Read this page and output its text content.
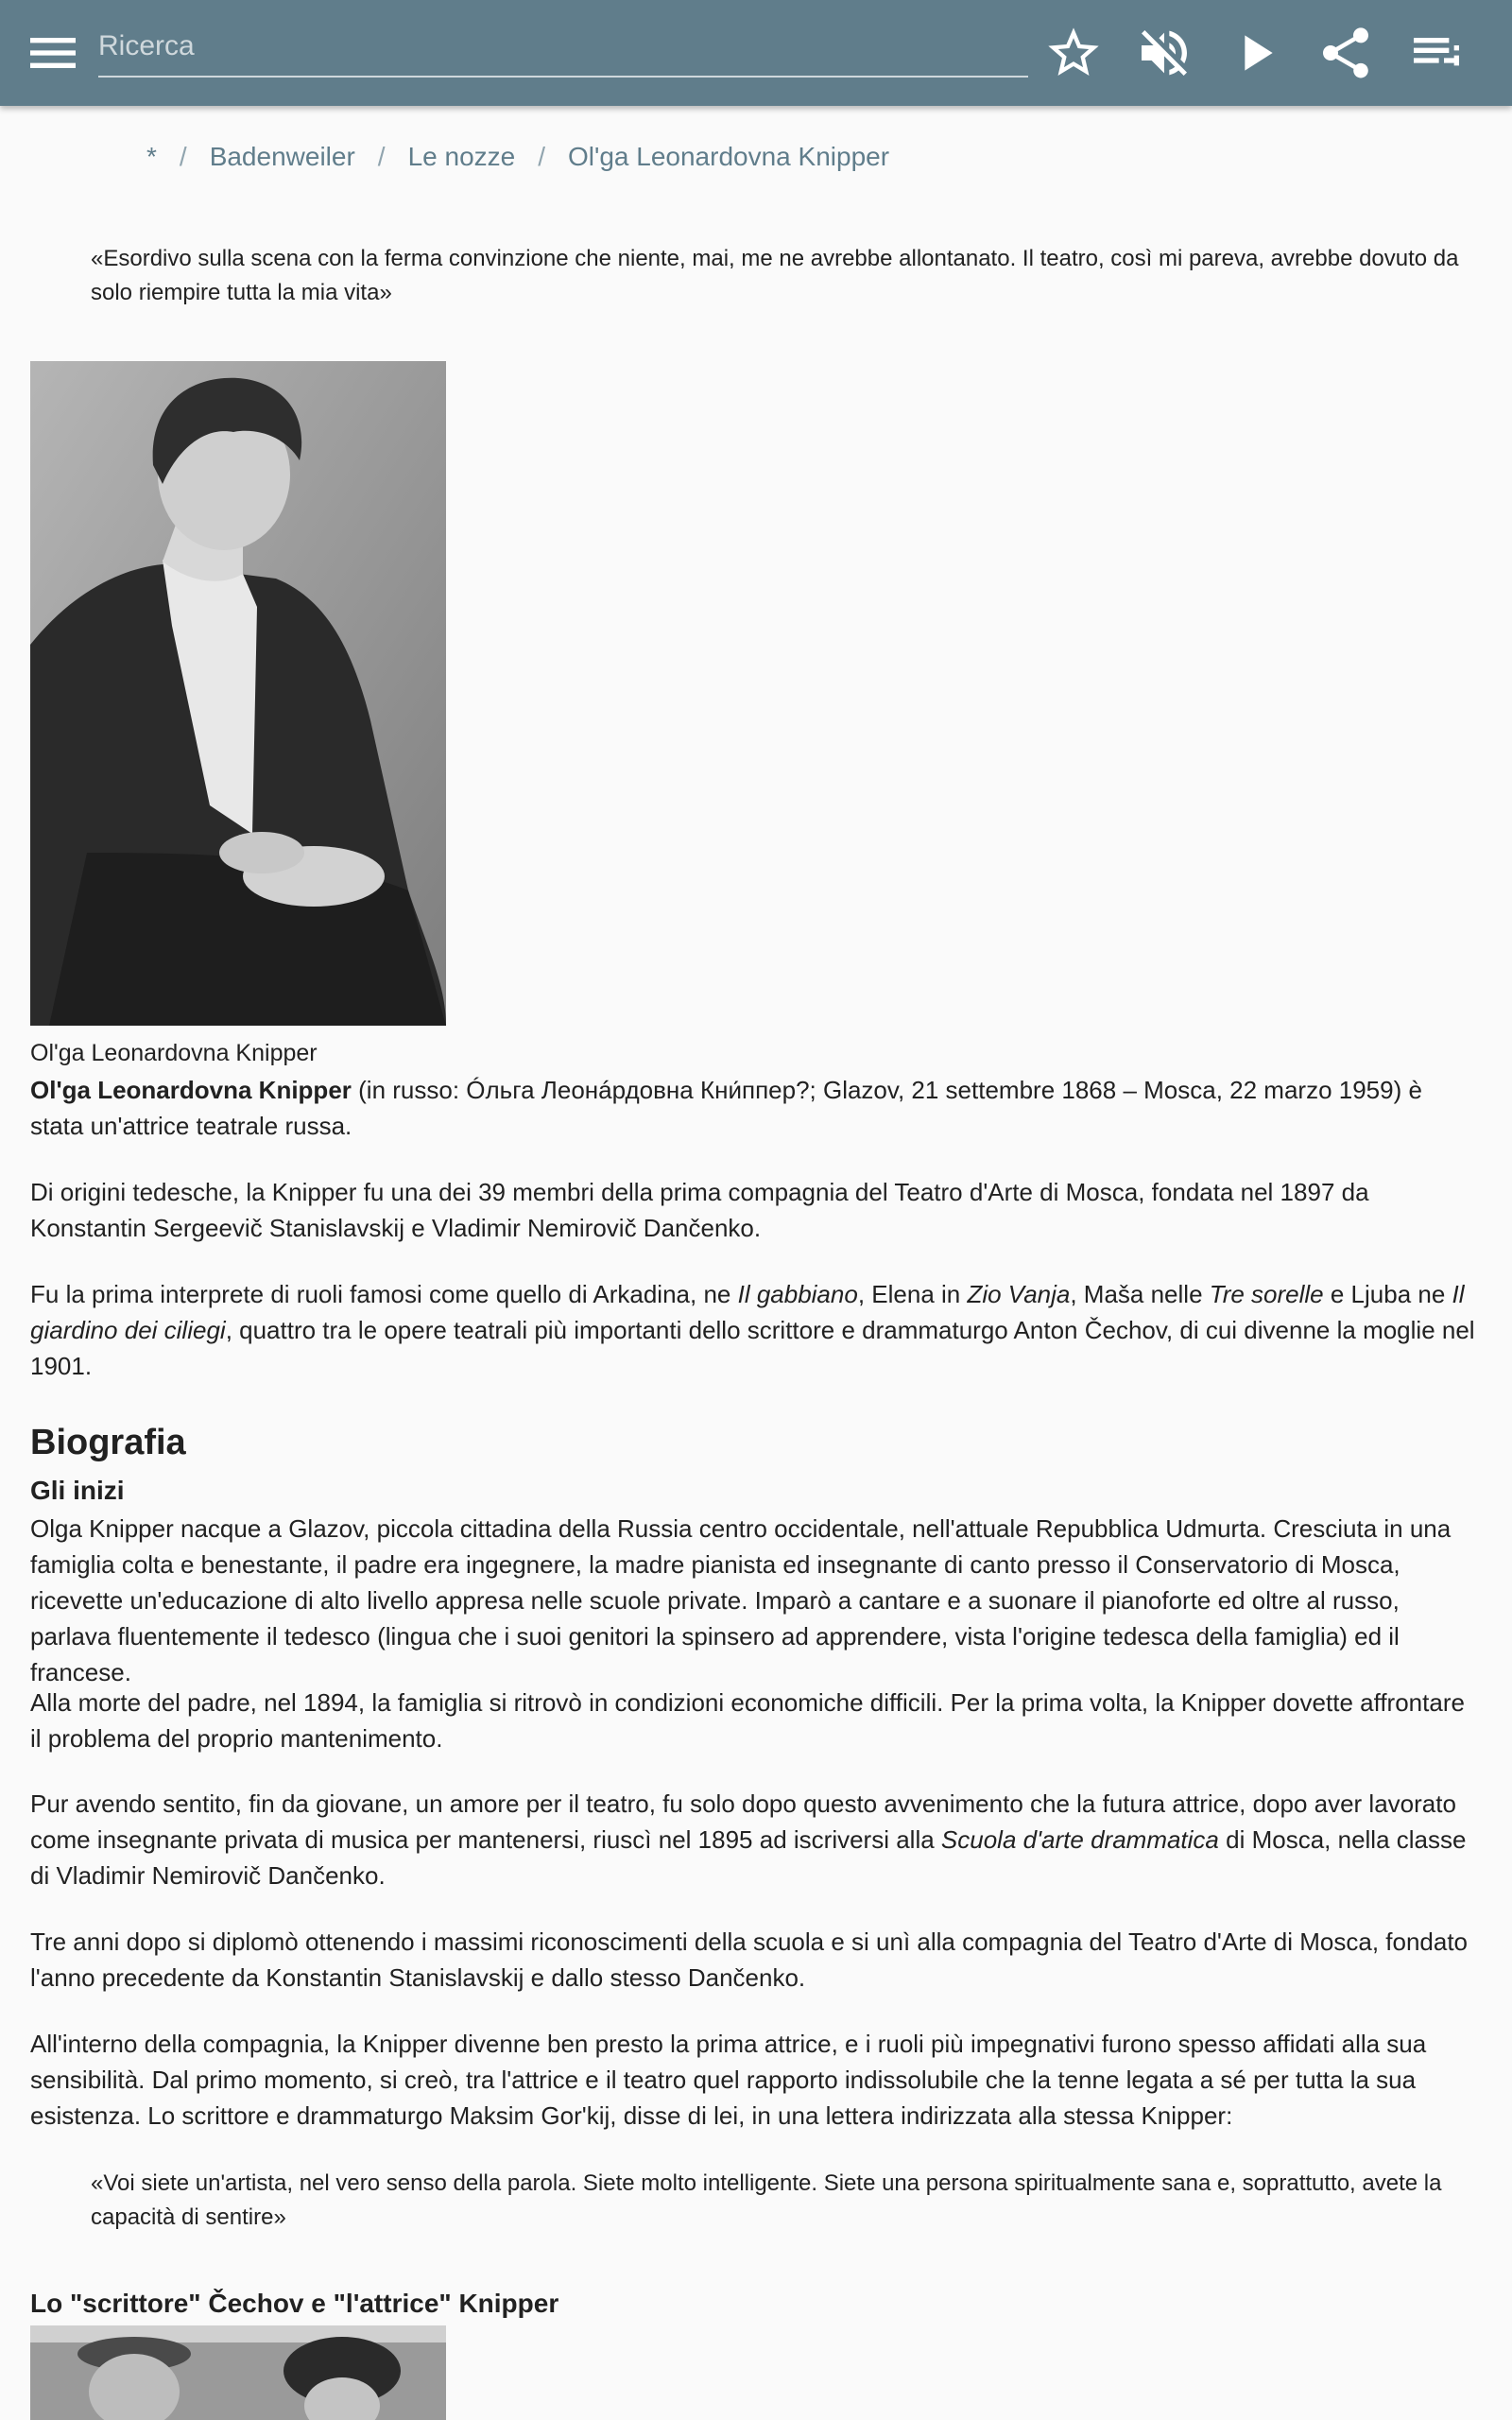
Ricerca
* / Badenweiler / Le nozze / Ol'ga Leonardovna Knipper
«Esordivo sulla scena con la ferma convinzione che niente, mai, me ne avrebbe allontanato. Il teatro, così mi pareva, avrebbe dovuto da solo riempire tutta la mia vita»
Ol'ga Leonardovna Knipper

Ol'ga Leonardovna Knipper (in russo: Óльга Леонáрдовна Кни́ппер?; Glazov, 21 settembre 1868 – Mosca, 22 marzo 1959) è stata un'attrice teatrale russa.

Di origini tedesche, la Knipper fu una dei 39 membri della prima compagnia del Teatro d'Arte di Mosca, fondata nel 1897 da Konstantin Sergeevič Stanislavskij e Vladimir Nemirovič Dančenko.

Fu la prima interprete di ruoli famosi come quello di Arkadina, ne Il gabbiano, Elena in Zio Vanja, Maša nelle Tre sorelle e Ljuba ne Il giardino dei ciliegi, quattro tra le opere teatrali più importanti dello scrittore e drammaturgo Anton Čechov, di cui divenne la moglie nel 1901.

Biografia
Gli inizi

Olga Knipper nacque a Glazov, piccola cittadina della Russia centro occidentale, nell'attuale Repubblica Udmurta. Cresciuta in una famiglia colta e benestante, il padre era ingegnere, la madre pianista ed insegnante di canto presso il Conservatorio di Mosca, ricevette un'educazione di alto livello appresa nelle scuole private. Imparò a cantare e a suonare il pianoforte ed oltre al russo, parlava fluentemente il tedesco (lingua che i suoi genitori la spinsero ad apprendere, vista l'origine tedesca della famiglia) ed il francese.

Alla morte del padre, nel 1894, la famiglia si ritrovò in condizioni economiche difficili. Per la prima volta, la Knipper dovette affrontare il problema del proprio mantenimento.

Pur avendo sentito, fin da giovane, un amore per il teatro, fu solo dopo questo avvenimento che la futura attrice, dopo aver lavorato come insegnante privata di musica per mantenersi, riuscì nel 1895 ad iscriversi alla Scuola d'arte drammatica di Mosca, nella classe di Vladimir Nemirovič Dančenko.

Tre anni dopo si diplomò ottenendo i massimi riconoscimenti della scuola e si unì alla compagnia del Teatro d'Arte di Mosca, fondato l'anno precedente da Konstantin Stanislavskij e dallo stesso Dančenko.

All'interno della compagnia, la Knipper divenne ben presto la prima attrice, e i ruoli più impegnativi furono spesso affidati alla sua sensibilità. Dal primo momento, si creò, tra l'attrice e il teatro quel rapporto indissolubile che la tenne legata a sé per tutta la sua esistenza. Lo scrittore e drammaturgo Maksim Gor'kij, disse di lei, in una lettera indirizzata alla stessa Knipper:

«Voi siete un'artista, nel vero senso della parola. Siete molto intelligente. Siete una persona spiritualmente sana e, soprattutto, avete la capacità di sentire»
Lo "scrittore" Čechov e "l'attrice" Knipper
